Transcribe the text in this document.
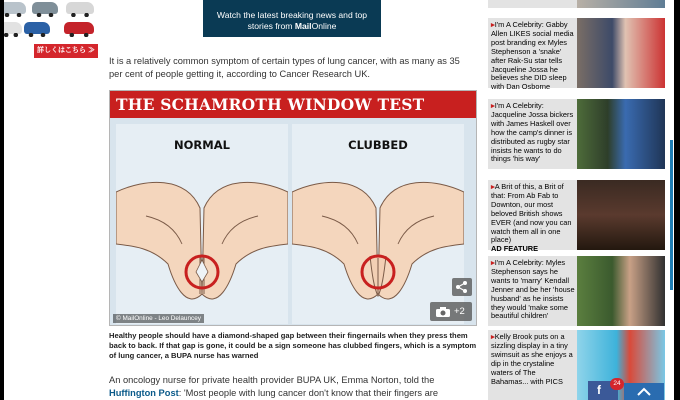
詳しくはこちら ≫
Watch the latest breaking news and top
stories from MailOnline

It is a relatively common symptom of certain types of lung cancer, with as many as 35 per cent of people getting it, according to Cancer Research UK.

THE SCHAMROTH WINDOW TEST
NORMAL	CLUBBED
© MailOnline - Leo Delauncey
+2

Healthy people should have a diamond-shaped gap between their fingernails when they press them back to back. If that gap is gone, it could be a sign someone has clubbed fingers, which is a symptom of lung cancer, a BUPA nurse has warned

An oncology nurse for private health provider BUPA UK, Emma Norton, told the Huffington Post: 'Most people with lung cancer don't know that their fingers are

▸I'm A Celebrity: Gabby Allen LIKES social media post branding ex Myles Stephenson a 'snake' after Rak-Su star tells Jacqueline Jossa he believes she DID sleep with Dan Osborne
▸I'm A Celebrity: Jacqueline Jossa bickers with James Haskell over how the camp's dinner is distributed as rugby star insists he wants to do things 'his way'
▸A Brit of this, a Brit of that: From Ab Fab to Downton, our most beloved British shows EVER (and now you can watch them all in one place)
AD FEATURE
▸I'm A Celebrity: Myles Stephenson says he wants to 'marry' Kendall Jenner and be her 'house husband' as he insists they would 'make some beautiful children'
▸Kelly Brook puts on a sizzling display in a tiny swimsuit as she enjoys a dip in the crystaline waters of The Bahamas... with PICS
f	24
